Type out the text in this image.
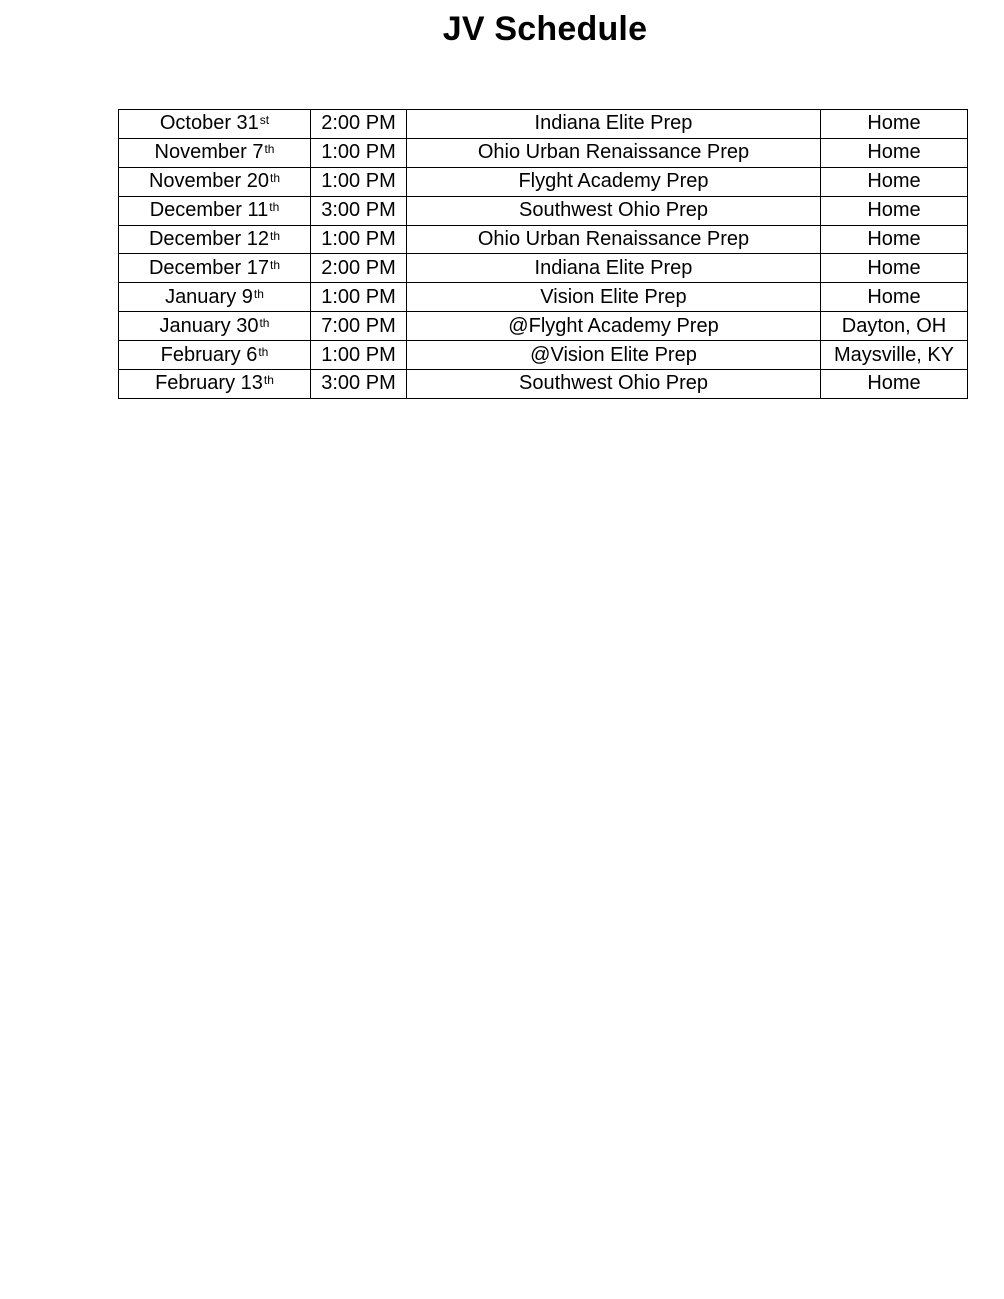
JV Schedule
October 31st	2:00 PM	Indiana Elite Prep	Home
November 7th	1:00 PM	Ohio Urban Renaissance Prep	Home
November 20th	1:00 PM	Flyght Academy Prep	Home
December 11th	3:00 PM	Southwest Ohio Prep	Home
December 12th	1:00 PM	Ohio Urban Renaissance Prep	Home
December 17th	2:00 PM	Indiana Elite Prep	Home
January 9th	1:00 PM	Vision Elite Prep	Home
January 30th	7:00 PM	@Flyght Academy Prep	Dayton, OH
February 6th	1:00 PM	@Vision Elite Prep	Maysville, KY
February 13th	3:00 PM	Southwest Ohio Prep	Home
